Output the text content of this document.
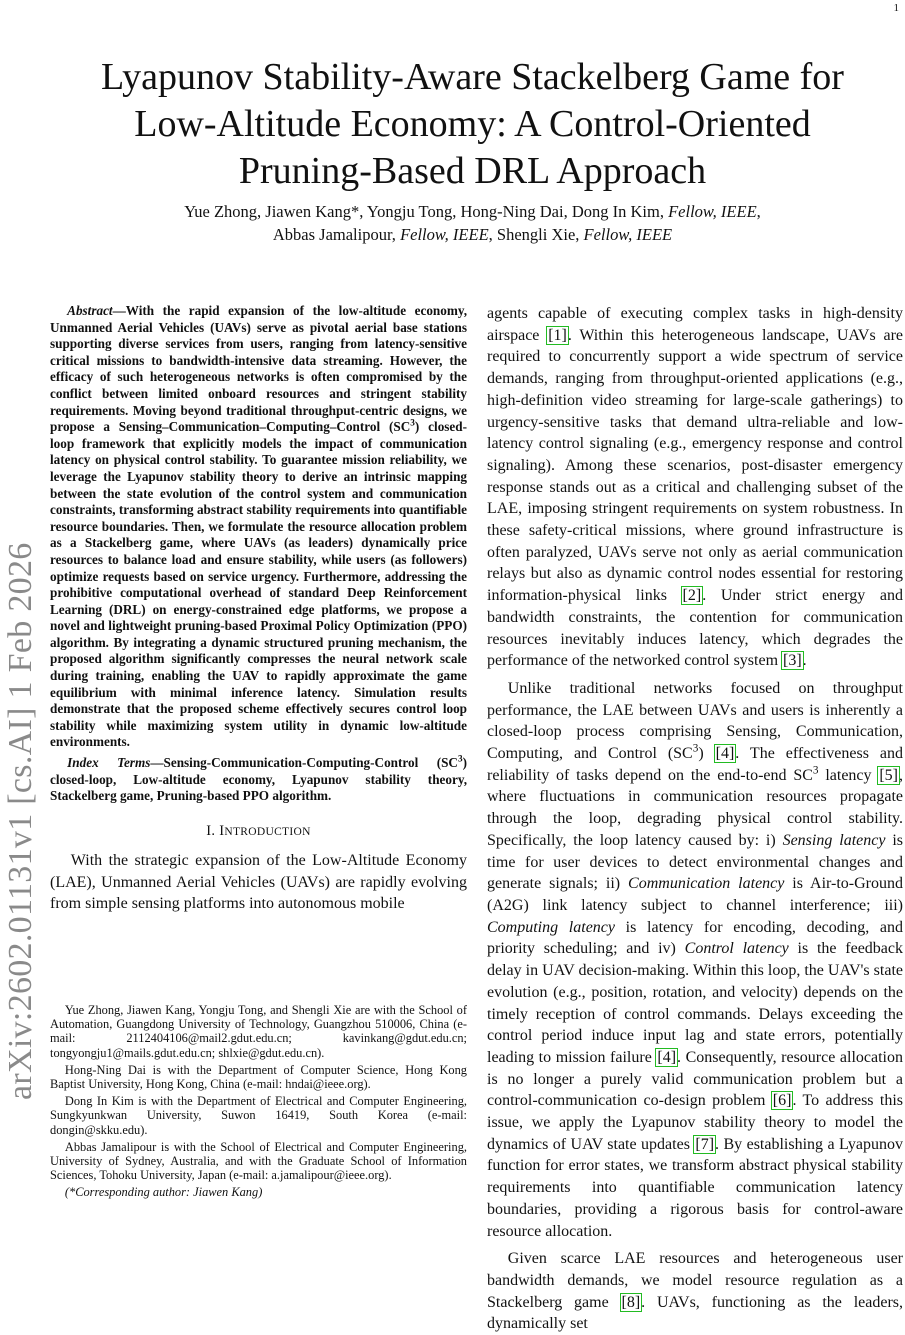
1
arXiv:2602.01131v1 [cs.AI] 1 Feb 2026
Lyapunov Stability-Aware Stackelberg Game for
Low-Altitude Economy: A Control-Oriented
Pruning-Based DRL Approach
Yue Zhong, Jiawen Kang*, Yongju Tong, Hong-Ning Dai, Dong In Kim, Fellow, IEEE,
Abbas Jamalipour, Fellow, IEEE, Shengli Xie, Fellow, IEEE

Abstract—With the rapid expansion of the low-altitude economy, Unmanned Aerial Vehicles (UAVs) serve as pivotal aerial base stations supporting diverse services from users, ranging from latency-sensitive critical missions to bandwidth-intensive data streaming. However, the efficacy of such heterogeneous networks is often compromised by the conflict between limited onboard resources and stringent stability requirements. Moving beyond traditional throughput-centric designs, we propose a Sensing–Communication–Computing–Control $(SC^3)$ closed-loop framework that explicitly models the impact of communication latency on physical control stability. To guarantee mission reliability, we leverage the Lyapunov stability theory to derive an intrinsic mapping between the state evolution of the control system and communication constraints, transforming abstract stability requirements into quantifiable resource boundaries. Then, we formulate the resource allocation problem as a Stackelberg game, where UAVs (as leaders) dynamically price resources to balance load and ensure stability, while users (as followers) optimize requests based on service urgency. Furthermore, addressing the prohibitive computational overhead of standard Deep Reinforcement Learning (DRL) on energy-constrained edge platforms, we propose a novel and lightweight pruning-based Proximal Policy Optimization (PPO) algorithm. By integrating a dynamic structured pruning mechanism, the proposed algorithm significantly compresses the neural network scale during training, enabling the UAV to rapidly approximate the game equilibrium with minimal inference latency. Simulation results demonstrate that the proposed scheme effectively secures control loop stability while maximizing system utility in dynamic low-altitude environments.

Index Terms—Sensing-Communication-Computing-Control $(SC^3)$ closed-loop, Low-altitude economy, Lyapunov stability theory, Stackelberg game, Pruning-based PPO algorithm.

I. INTRODUCTION

With the strategic expansion of the Low-Altitude Economy (LAE), Unmanned Aerial Vehicles (UAVs) are rapidly evolving from simple sensing platforms into autonomous mobile

agents capable of executing complex tasks in high-density airspace [1]. Within this heterogeneous landscape, UAVs are required to concurrently support a wide spectrum of service demands, ranging from throughput-oriented applications (e.g., high-definition video streaming for large-scale gatherings) to urgency-sensitive tasks that demand ultra-reliable and low-latency control signaling (e.g., emergency response and control signaling). Among these scenarios, post-disaster emergency response stands out as a critical and challenging subset of the LAE, imposing stringent requirements on system robustness. In these safety-critical missions, where ground infrastructure is often paralyzed, UAVs serve not only as aerial communication relays but also as dynamic control nodes essential for restoring information-physical links [2]. Under strict energy and bandwidth constraints, the contention for communication resources inevitably induces latency, which degrades the performance of the networked control system [3].

Unlike traditional networks focused on throughput performance, the LAE between UAVs and users is inherently a closed-loop process comprising Sensing, Communication, Computing, and Control $(SC^3)$ [4]. The effectiveness and reliability of tasks depend on the end-to-end $SC^3$ latency [5], where fluctuations in communication resources propagate through the loop, degrading physical control stability. Specifically, the loop latency caused by: i) Sensing latency is time for user devices to detect environmental changes and generate signals; ii) Communication latency is Air-to-Ground (A2G) link latency subject to channel interference; iii) Computing latency is latency for encoding, decoding, and priority scheduling; and iv) Control latency is the feedback delay in UAV decision-making. Within this loop, the UAV's state evolution (e.g., position, rotation, and velocity) depends on the timely reception of control commands. Delays exceeding the control period induce input lag and state errors, potentially leading to mission failure [4]. Consequently, resource allocation is no longer a purely valid communication problem but a control-communication co-design problem [6]. To address this issue, we apply the Lyapunov stability theory to model the dynamics of UAV state updates [7]. By establishing a Lyapunov function for error states, we transform abstract physical stability requirements into quantifiable communication latency boundaries, providing a rigorous basis for control-aware resource allocation.

Given scarce LAE resources and heterogeneous user bandwidth demands, we model resource regulation as a Stackelberg game [8]. UAVs, functioning as the leaders, dynamically set

Yue Zhong, Jiawen Kang, Yongju Tong, and Shengli Xie are with the School of Automation, Guangdong University of Technology, Guangzhou 510006, China (e-mail: 2112404106@mail2.gdut.edu.cn; kavinkang@gdut.edu.cn; tongyongju1@mails.gdut.edu.cn; shlxie@gdut.edu.cn).

Hong-Ning Dai is with the Department of Computer Science, Hong Kong Baptist University, Hong Kong, China (e-mail: hndai@ieee.org).

Dong In Kim is with the Department of Electrical and Computer Engineering, Sungkyunkwan University, Suwon 16419, South Korea (e-mail: dongin@skku.edu).

Abbas Jamalipour is with the School of Electrical and Computer Engineering, University of Sydney, Australia, and with the Graduate School of Information Sciences, Tohoku University, Japan (e-mail: a.jamalipour@ieee.org).

(*Corresponding author: Jiawen Kang)
